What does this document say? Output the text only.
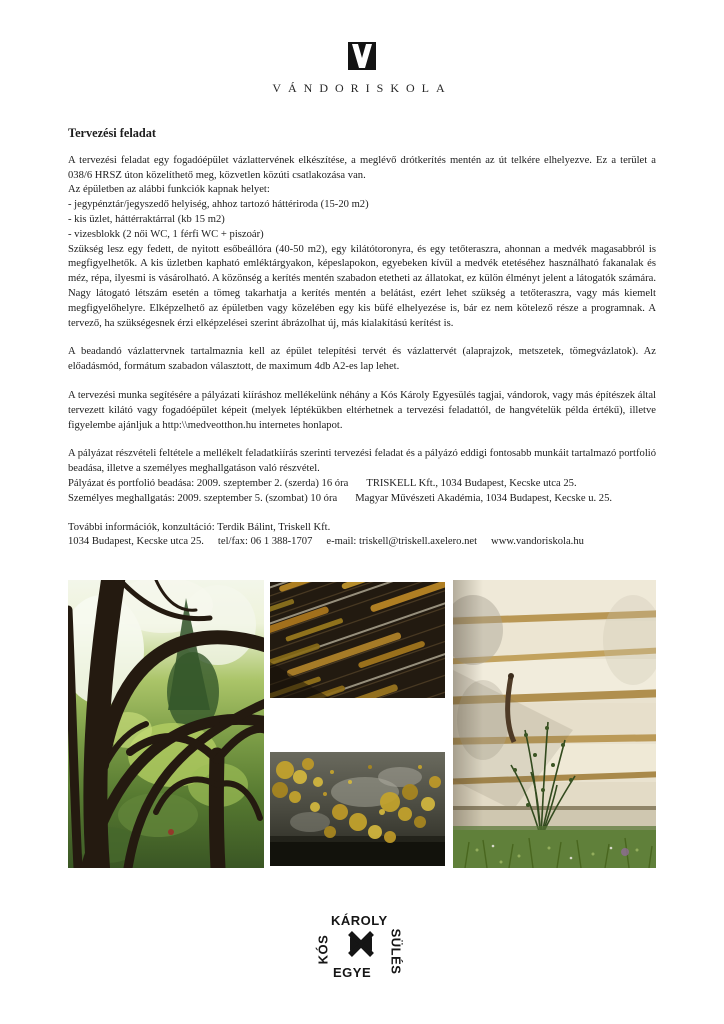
VÁNDORISKOLA
Tervezési feladat

A tervezési feladat egy fogadóépület vázlattervének elkészítése, a meglévő drótkerítés mentén az út telkére elhelyezve. Ez a terület a 038/6 HRSZ úton közelíthető meg, közvetlen közúti csatlakozása van.

Az épületben az alábbi funkciók kapnak helyet:
- jegypénztár/jegyszedő helyiség, ahhoz tartozó háttériroda (15-20 m2)
- kis üzlet, háttérraktárral (kb 15 m2)
- vizesblokk (2 női WC, 1 férfi WC + piszoár)

Szükség lesz egy fedett, de nyitott esőbeállóra (40-50 m2), egy kilátótoronyra, és egy tetőteraszra, ahonnan a medvék magasabbról is megfigyelhetők. A kis üzletben kapható emléktárgyakon, képeslapokon, egyebeken kívül a medvék etetéséhez használható fakanalak és méz, répa, ilyesmi is vásárolható. A közönség a kerítés mentén szabadon etetheti az állatokat, ez külön élményt jelent a látogatók számára. Nagy látogató létszám esetén a tömeg takarhatja a kerítés mentén a belátást, ezért lehet szükség a tetőteraszra, vagy más kiemelt megfigyelőhelyre. Elképzelhető az épületben vagy közelében egy kis büfé elhelyezése is, bár ez nem kötelező része a programnak. A tervező, ha szükségesnek érzi elképzelései szerint ábrázolhat új, más kialakítású kerítést is.

A beadandó vázlattervnek tartalmaznia kell az épület telepítési tervét és vázlattervét (alaprajzok, metszetek, tömegvázlatok). Az előadásmód, formátum szabadon választott, de maximum 4db A2-es lap lehet.

A tervezési munka segítésére a pályázati kiíráshoz mellékelünk néhány a Kós Károly Egyesülés tagjai, vándorok, vagy más építészek által tervezett kilátó vagy fogadóépület képeit (melyek léptékükben eltérhetnek a tervezési feladattól, de hangvételük példa értékű), illetve figyelembe ajánljuk a http:\\medveotthon.hu internetes honlapot.

A pályázat részvételi feltétele a mellékelt feladatkiírás szerinti tervezési feladat és a pályázó eddigi fontosabb munkáit tartalmazó portfolió beadása, illetve a személyes meghallgatáson való részvétel.

Pályázat és portfolió beadása: 2009. szeptember 2. (szerda) 16 óra TRISKELL Kft., 1034 Budapest, Kecske utca 25.
Személyes meghallgatás: 2009. szeptember 5. (szombat) 10 óra Magyar Művészeti Akadémia, 1034 Budapest, Kecske u. 25.
További információk, konzultáció: Terdik Bálint, Triskell Kft.
1034 Budapest, Kecske utca 25. tel/fax: 06 1 388-1707 e-mail: triskell@triskell.axelero.net www.vandoriskola.hu
KÁROLY
KÓS	SÜLÉS
EGYE
